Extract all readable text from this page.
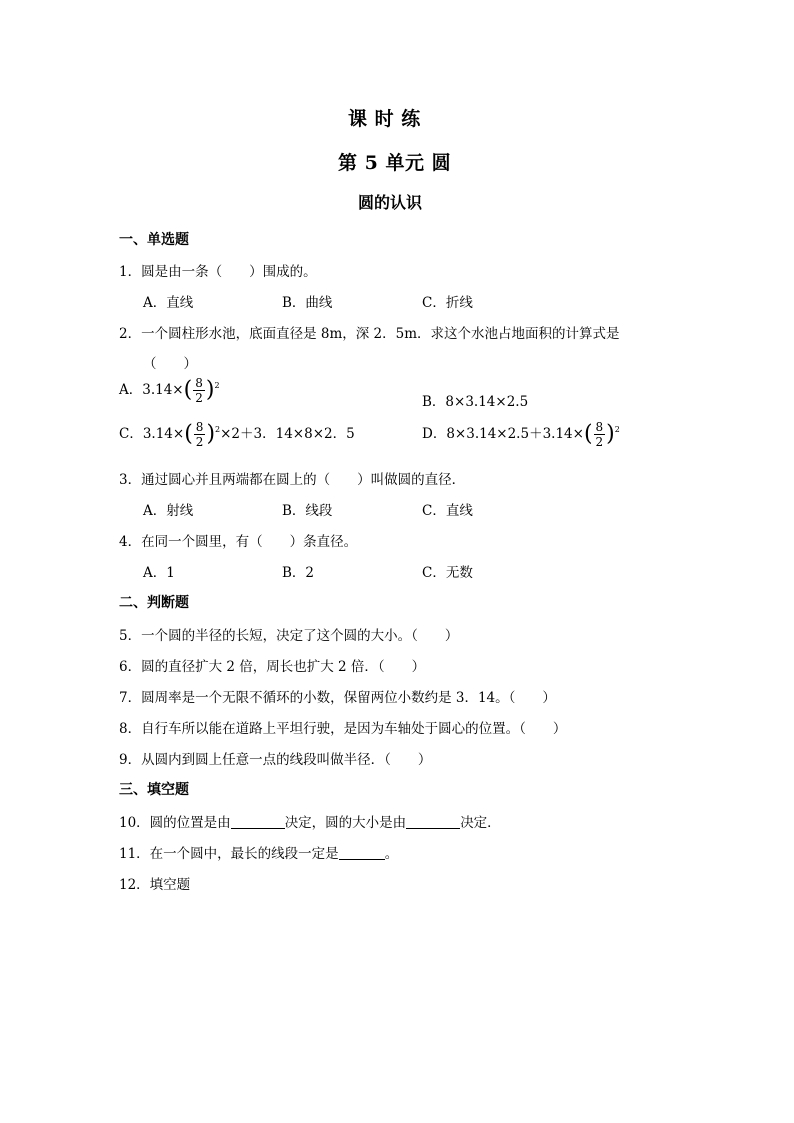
课 时 练
第 5 单元 圆
圆的认识
一、单选题
1．圆是由一条（　　）围成的。
A．直线	B．曲线	C．折线
2．一个圆柱形水池，底面直径是 8m，深 2．5m．求这个水池占地面积的计算式是
（　　）
A．$3.14\times( \frac{8}{2} )^2$
B．8×3.14×2.5
C．$3.14\times( \frac{8}{2} )^2\times 2+3$．14×8×2．5	D．$8\times 3.14\times 2.5+3.14\times( \frac{8}{2} )^2$
3．通过圆心并且两端都在圆上的（　　）叫做圆的直径．
A．射线	B．线段	C．直线
4．在同一个圆里，有（　　）条直径。
A．1	B．2	C．无数
二、判断题
5．一个圆的半径的长短，决定了这个圆的大小。（　　）
6．圆的直径扩大 2 倍，周长也扩大 2 倍．（　　）
7．圆周率是一个无限不循环的小数，保留两位小数约是 3．14。（　　）
8．自行车所以能在道路上平坦行驶，是因为车轴处于圆心的位置。（　　）
9．从圆内到圆上任意一点的线段叫做半径．（　　）
三、填空题
10．圆的位置是由	决定，圆的大小是由	决定．
11．在一个圆中，最长的线段一定是	。
12．填空题
